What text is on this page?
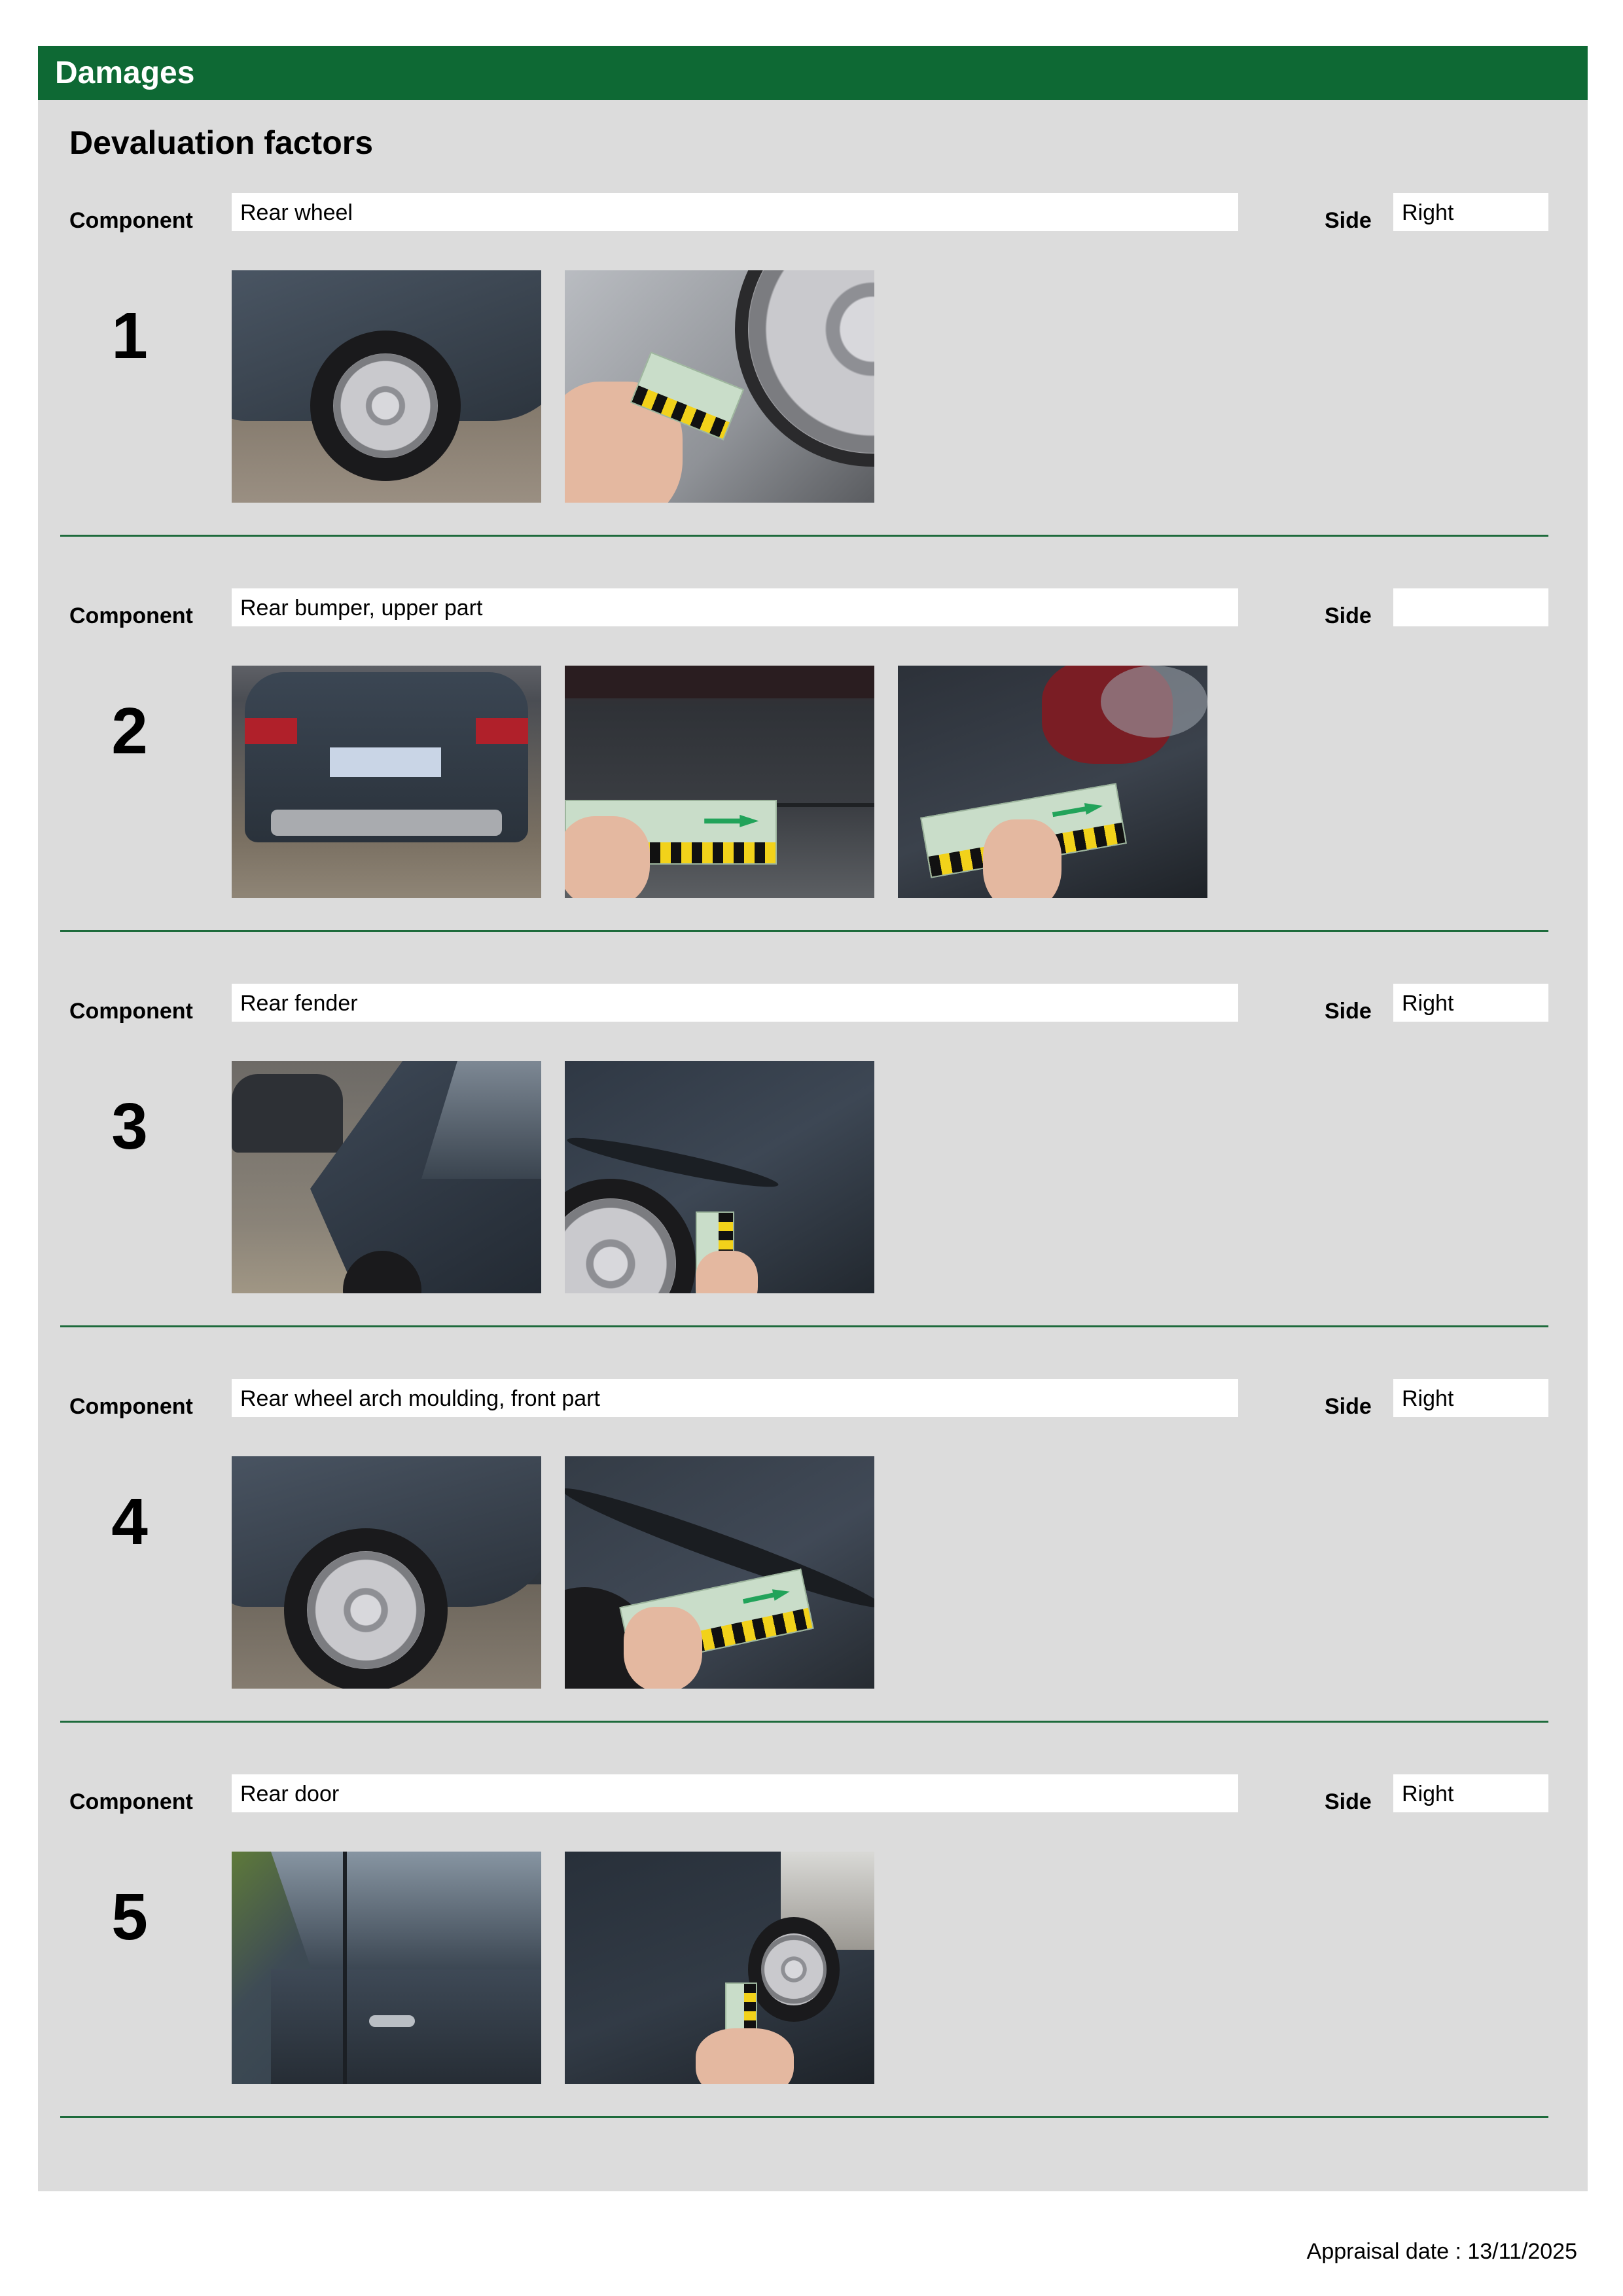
Damages
Devaluation factors
Component Rear wheel	Side Right
1
Component Rear bumper, upper part	Side
2
Component Rear fender	Side Right
3
Component Rear wheel arch moulding, front part	Side Right
4
Component Rear door	Side Right
5
Appraisal date : 13/11/2025
